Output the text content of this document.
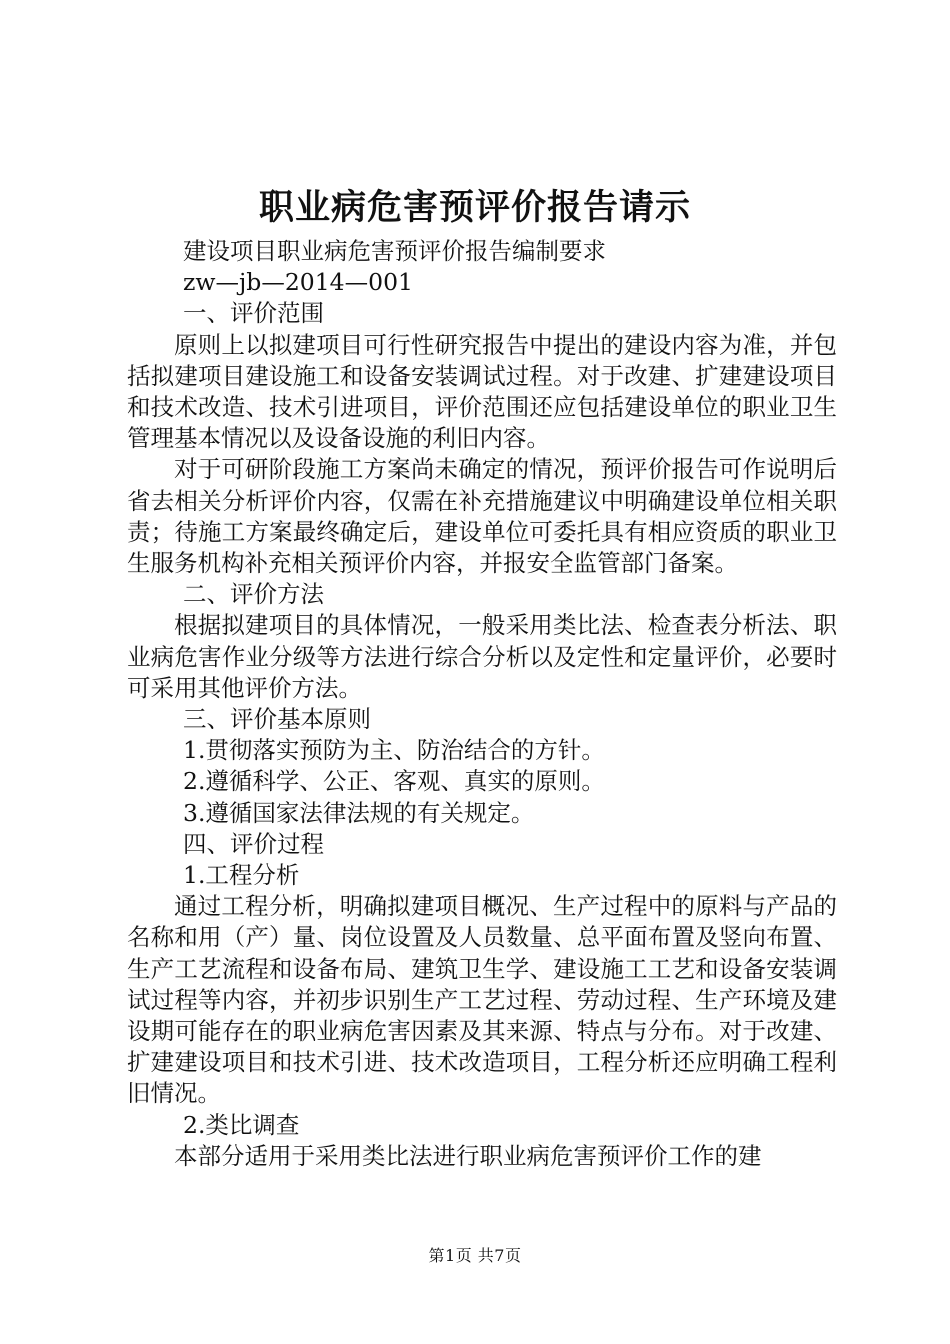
职业病危害预评价报告请示
建设项目职业病危害预评价报告编制要求
zw—jb—2014—001
一、评价范围

原则上以拟建项目可行性研究报告中提出的建设内容为准，并包括拟建项目建设施工和设备安装调试过程。对于改建、扩建建设项目和技术改造、技术引进项目，评价范围还应包括建设单位的职业卫生管理基本情况以及设备设施的利旧内容。

对于可研阶段施工方案尚未确定的情况，预评价报告可作说明后省去相关分析评价内容，仅需在补充措施建议中明确建设单位相关职责；待施工方案最终确定后，建设单位可委托具有相应资质的职业卫生服务机构补充相关预评价内容，并报安全监管部门备案。

二、评价方法

根据拟建项目的具体情况，一般采用类比法、检查表分析法、职业病危害作业分级等方法进行综合分析以及定性和定量评价，必要时可采用其他评价方法。

三、评价基本原则
1.贯彻落实预防为主、防治结合的方针。
2.遵循科学、公正、客观、真实的原则。
3.遵循国家法律法规的有关规定。
四、评价过程
1.工程分析

通过工程分析，明确拟建项目概况、生产过程中的原料与产品的名称和用（产）量、岗位设置及人员数量、总平面布置及竖向布置、生产工艺流程和设备布局、建筑卫生学、建设施工工艺和设备安装调试过程等内容，并初步识别生产工艺过程、劳动过程、生产环境及建设期可能存在的职业病危害因素及其来源、特点与分布。对于改建、扩建建设项目和技术引进、技术改造项目，工程分析还应明确工程利旧情况。

2.类比调查

本部分适用于采用类比法进行职业病危害预评价工作的建

第1页 共7页
